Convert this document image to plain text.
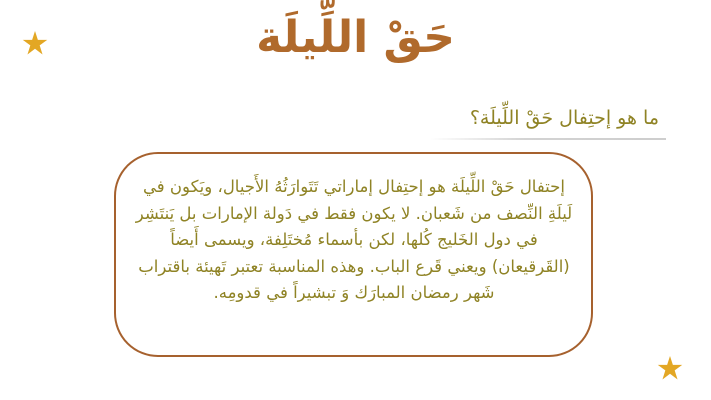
حَقْ اللِّيلَة
ما هو إحتِفال حَقْ اللِّيلَة؟
إحتفال حَقْ اللِّيلَة هو إحتِفال إماراتي تَتَوارَثُهُ الأَجيال، ويَكون في لَيلَةِ النِّصف من شَعبان. لا يكون فقط في دَولة الإمارات بل يَنتَشِر في دول الخَليج كُلها، لكن بأسماء مُختَلِفة، ويسمى أَيضاً (القَرقيعان) ويعني قَرع الباب. وهذه المناسبة تعتبر تَهيئة باقتراب شَهر رمضان المبارَك وَ تبشيراً في قدومِه.
